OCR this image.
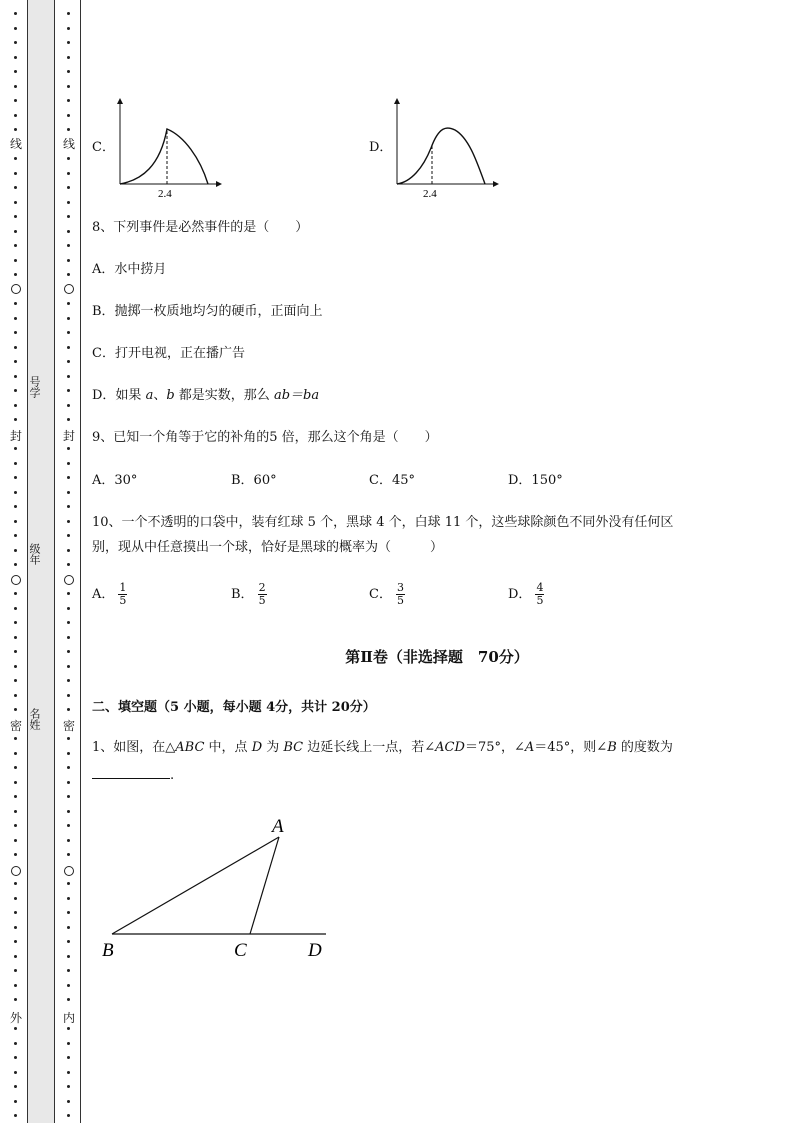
线
封
密
外
号学
级年
名姓
线
封
密
内
C．
2.4
D．
2.4
8、下列事件是必然事件的是（　　）
A．水中捞月
B．抛掷一枚质地均匀的硬币，正面向上
C．打开电视，正在播广告
D．如果 a、b 都是实数，那么 ab＝ba
9、已知一个角等于它的补角的5 倍，那么这个角是（　　）
A．30°	B．60°	C．45°	D．150°
10、一个不透明的口袋中，装有红球 5 个，黑球 4 个，白球 11 个，这些球除颜色不同外没有任何区
别，现从中任意摸出一个球，恰好是黑球的概率为（　　　）
A． $\frac{1}{5}$	B． $\frac{2}{5}$	C． $\frac{3}{5}$	D． $\frac{4}{5}$
第Ⅱ卷（非选择题　70分）
二、填空题（5 小题，每小题 4分，共计 20分）
1、如图，在△ABC 中，点 D 为 BC 边延长线上一点，若∠ACD＝75°，∠A＝45°，则∠B 的度数为
.
A
B	C	D
